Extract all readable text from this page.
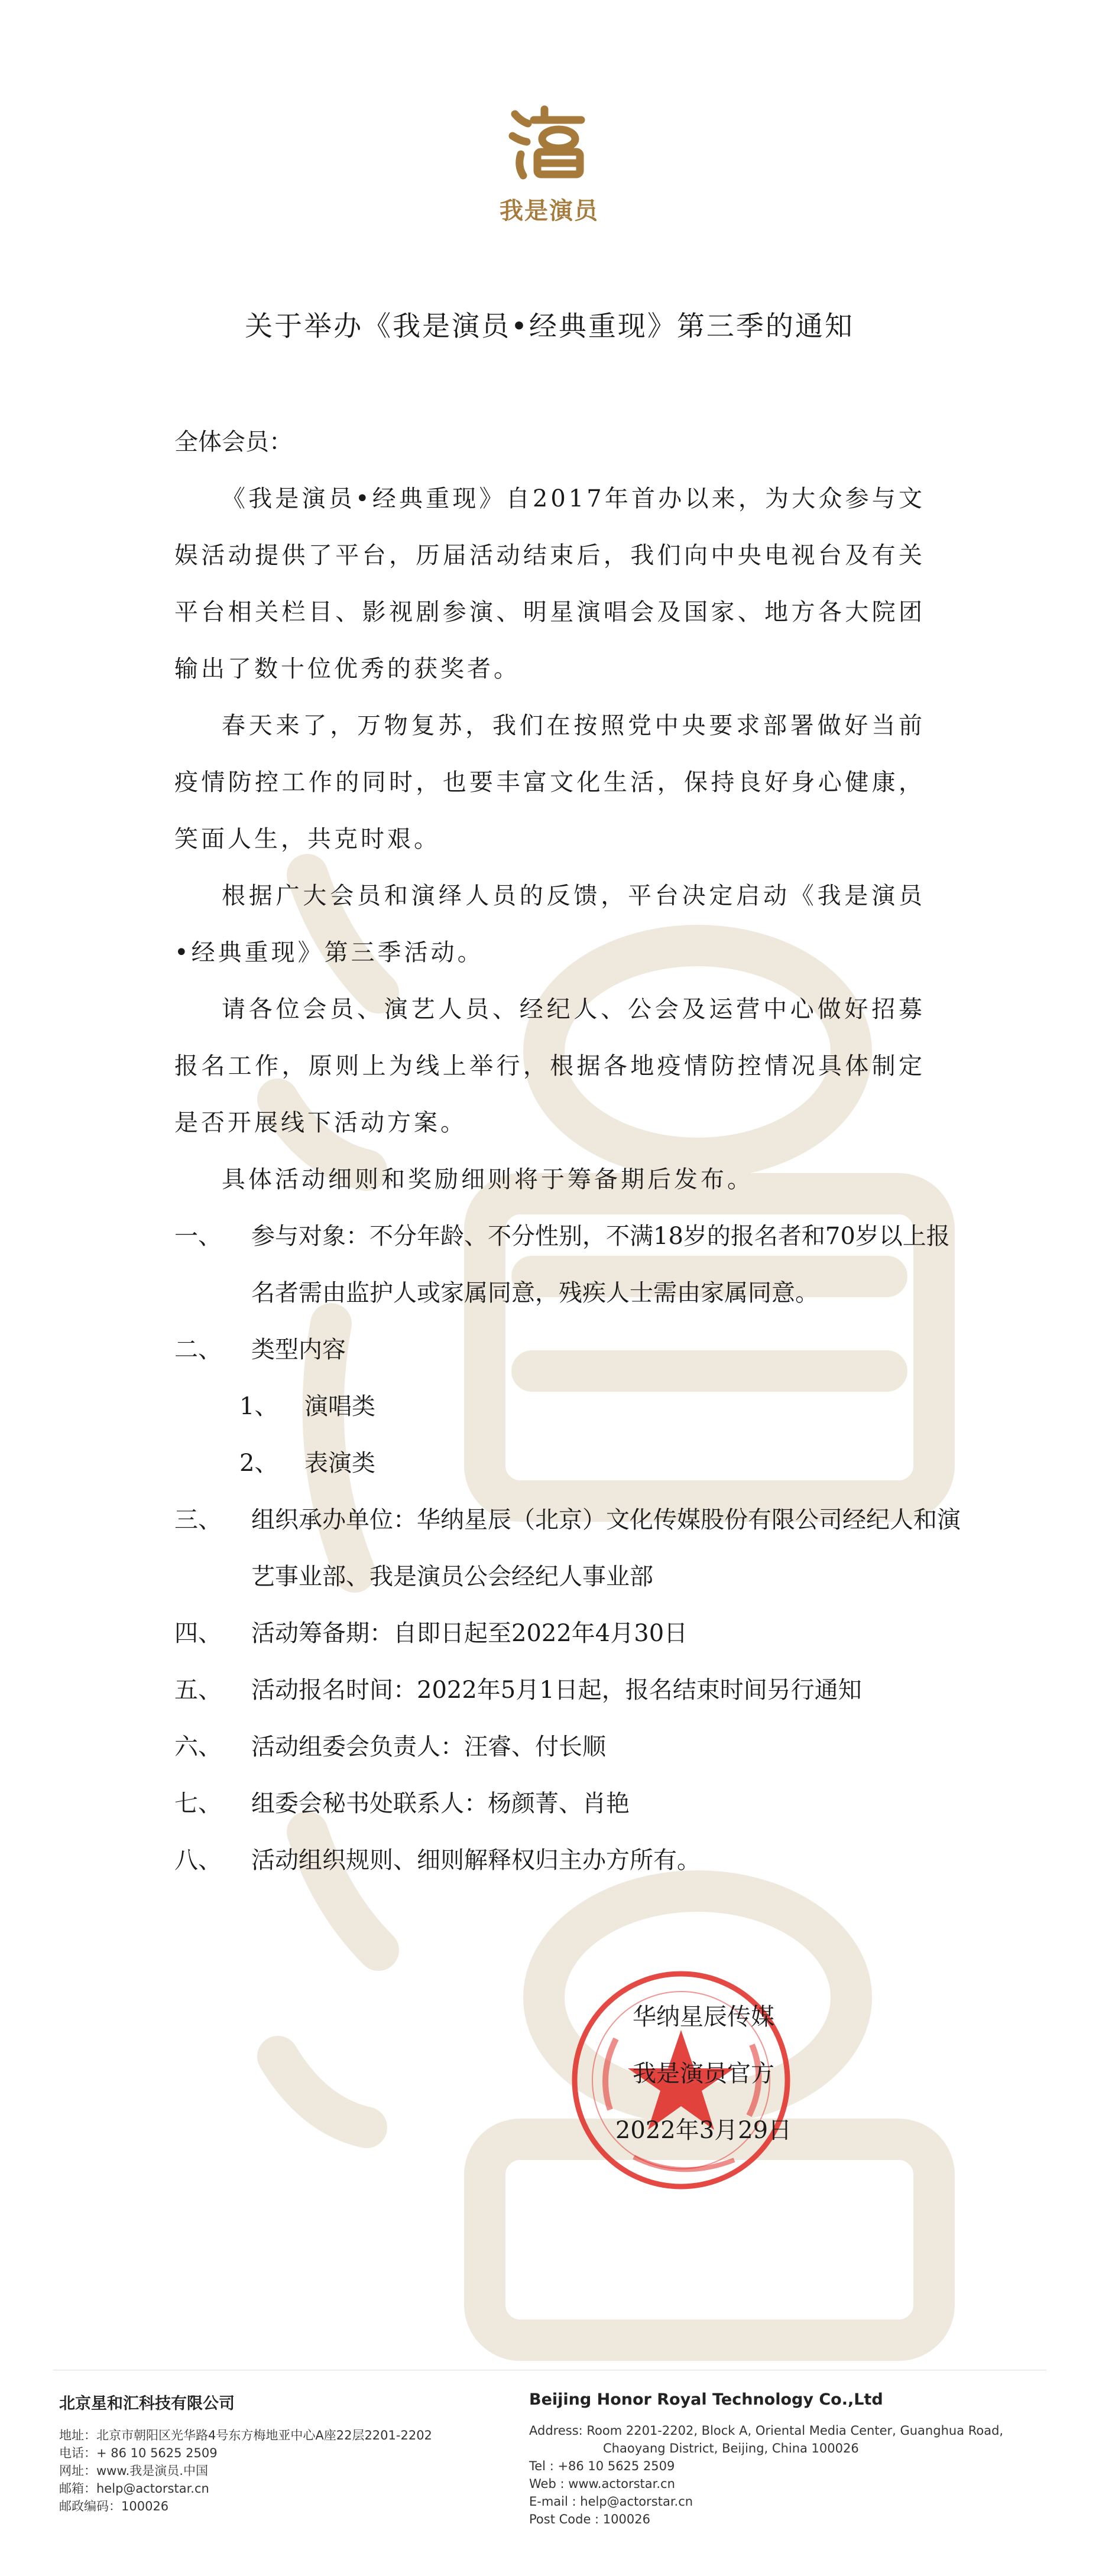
我是演员
关于举办《我是演员•经典重现》第三季的通知
全体会员：
《我是演员•经典重现》自2017年首办以来，为大众参与文娱活动提供了平台，历届活动结束后，我们向中央电视台及有关平台相关栏目、影视剧参演、明星演唱会及国家、地方各大院团输出了数十位优秀的获奖者。
春天来了，万物复苏，我们在按照党中央要求部署做好当前疫情防控工作的同时，也要丰富文化生活，保持良好身心健康，笑面人生，共克时艰。
根据广大会员和演绎人员的反馈，平台决定启动《我是演员•经典重现》第三季活动。
请各位会员、演艺人员、经纪人、公会及运营中心做好招募报名工作，原则上为线上举行，根据各地疫情防控情况具体制定是否开展线下活动方案。
具体活动细则和奖励细则将于筹备期后发布。
一、	参与对象：不分年龄、不分性别，不满18岁的报名者和70岁以上报名者需由监护人或家属同意，残疾人士需由家属同意。
二、	类型内容
1、 演唱类
2、 表演类
三、	组织承办单位：华纳星辰（北京）文化传媒股份有限公司经纪人和演艺事业部、我是演员公会经纪人事业部
四、	活动筹备期：自即日起至2022年4月30日
五、	活动报名时间：2022年5月1日起，报名结束时间另行通知
六、	活动组委会负责人：汪睿、付长顺
七、	组委会秘书处联系人：杨颜菁、肖艳
八、	活动组织规则、细则解释权归主办方所有。
华纳星辰传媒
我是演员官方
2022年3月29日
北京星和汇科技有限公司
地址：北京市朝阳区光华路4号东方梅地亚中心A座22层2201-2202
电话：+ 86 10 5625 2509
网址：www.我是演员.中国
邮箱：help@actorstar.cn
邮政编码：100026
Beijing Honor Royal Technology Co.,Ltd
Address: Room 2201-2202, Block A, Oriental Media Center, Guanghua Road,
Chaoyang District, Beijing, China 100026
Tel : +86 10 5625 2509
Web : www.actorstar.cn
E-mail : help@actorstar.cn
Post Code : 100026
